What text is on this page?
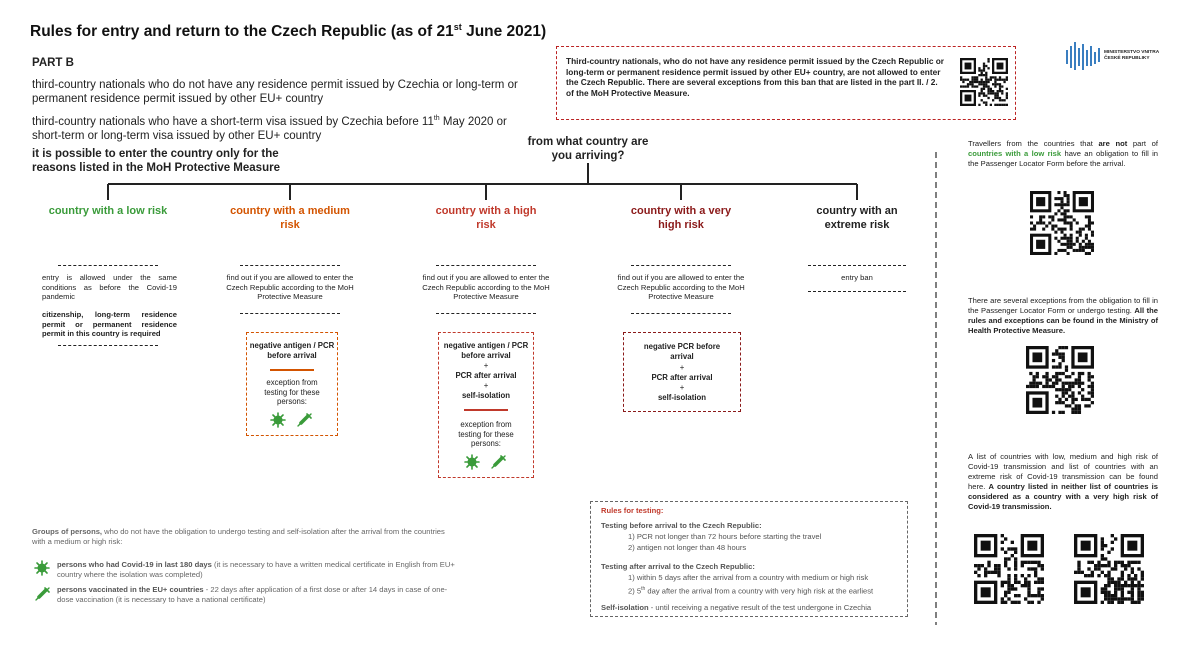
Rules for entry and return to the Czech Republic (as of 21st June 2021)
PART B
third-country nationals who do not have any residence permit issued by Czechia or long-term or permanent residence permit issued by other EU+ country
third-country nationals who have a short-term visa issued by Czechia before 11th May 2020 or short-term or long-term visa issued by other EU+ country
it is possible to enter the country only for the reasons listed in the MoH Protective Measure
Third-country nationals, who do not have any residence permit issued by the Czech Republic or long-term or permanent residence permit issued by other EU+ country, are not allowed to enter the Czech Republic. There are several exceptions from this ban that are listed in the part II. / 2. of the MoH Protective Measure.
MINISTERSTVO VNITRA ČESKÉ REPUBLIKY
from what country are you arriving?
country with a low risk	country with a medium risk
country with a high risk
country with a very high risk
country with an extreme risk
entry is allowed under the same conditions as before the Covid-19 pandemic
citizenship, long-term residence permit or permanent residence permit in this country is required
find out if you are allowed to enter the Czech Republic according to the MoH Protective Measure
negative antigen / PCR before arrival
exception from testing for these persons:
find out if you are allowed to enter the Czech Republic according to the MoH Protective Measure
negative antigen / PCR before arrival
+
PCR after arrival
+
self-isolation
exception from testing for these persons:
find out if you are allowed to enter the Czech Republic according to the MoH Protective Measure
negative PCR before arrival
+
PCR after arrival
+
self-isolation
entry ban
Travellers from the countries that are not part of countries with a low risk have an obligation to fill in the Passenger Locator Form before the arrival.
There are several exceptions from the obligation to fill in the Passenger Locator Form or undergo testing. All the rules and exceptions can be found in the Ministry of Health Protective Measure.
A list of countries with low, medium and high risk of Covid-19 transmission and list of countries with an extreme risk of Covid-19 transmission can be found here. A country listed in neither list of countries is considered as a country with a very high risk of Covid-19 transmission.
Groups of persons, who do not have the obligation to undergo testing and self-isolation after the arrival from the countries with a medium or high risk:
persons who had Covid-19 in last 180 days (it is necessary to have a written medical certificate in English from EU+ country where the isolation was completed)
persons vaccinated in the EU+ countries - 22 days after application of a first dose or after 14 days in case of one-dose vaccination (it is necessary to have a national certificate)
Rules for testing:
Testing before arrival to the Czech Republic:
1) PCR not longer than 72 hours before starting the travel
2) antigen not longer than 48 hours
Testing after arrival to the Czech Republic:
1) within 5 days after the arrival from a country with medium or high risk
2) 5th day after the arrival from a country with very high risk at the earliest
Self-isolation - until receiving a negative result of the test undergone in Czechia
